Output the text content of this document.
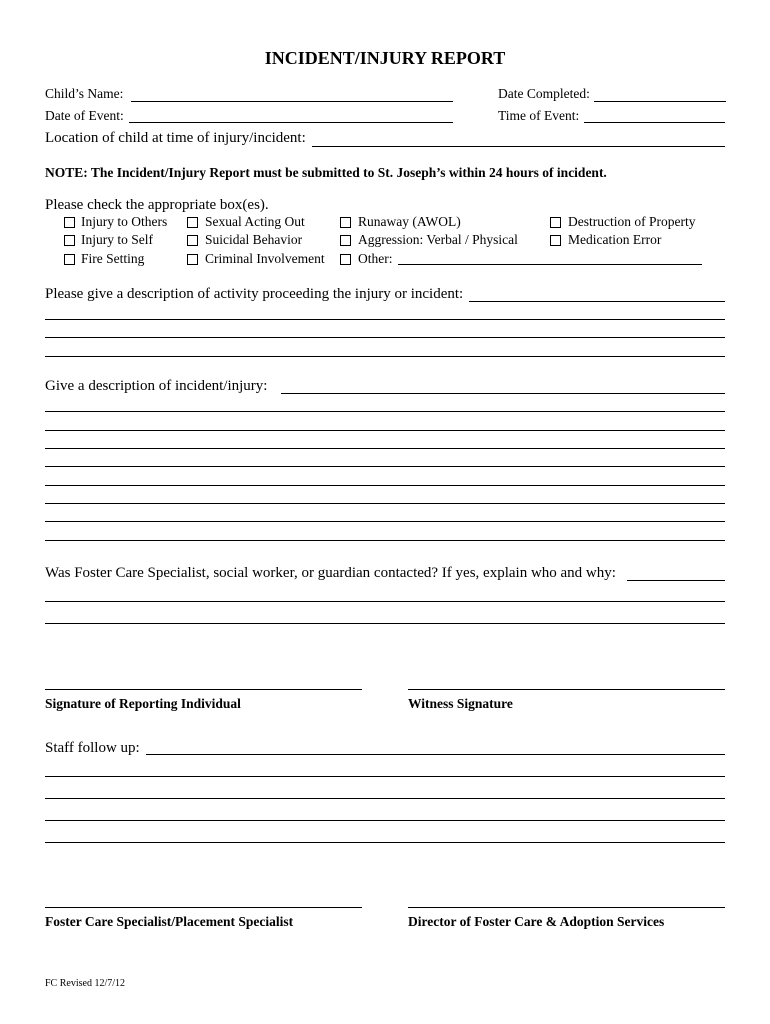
INCIDENT/INJURY REPORT
Child’s Name:	Date Completed:
Date of Event:	Time of Event:
Location of child at time of injury/incident:
NOTE: The Incident/Injury Report must be submitted to St. Joseph’s within 24 hours of incident.
Please check the appropriate box(es).
Injury to Others
Injury to Self
Fire Setting
Sexual Acting Out
Suicidal Behavior
Criminal Involvement
Runaway (AWOL)
Aggression: Verbal / Physical
Other:
Destruction of Property
Medication Error
Please give a description of activity proceeding the injury or incident:
Give a description of incident/injury:
Was Foster Care Specialist, social worker, or guardian contacted? If yes, explain who and why:
Signature of Reporting Individual	Witness Signature
Staff follow up:
Foster Care Specialist/Placement Specialist	Director of Foster Care & Adoption Services
FC Revised 12/7/12
